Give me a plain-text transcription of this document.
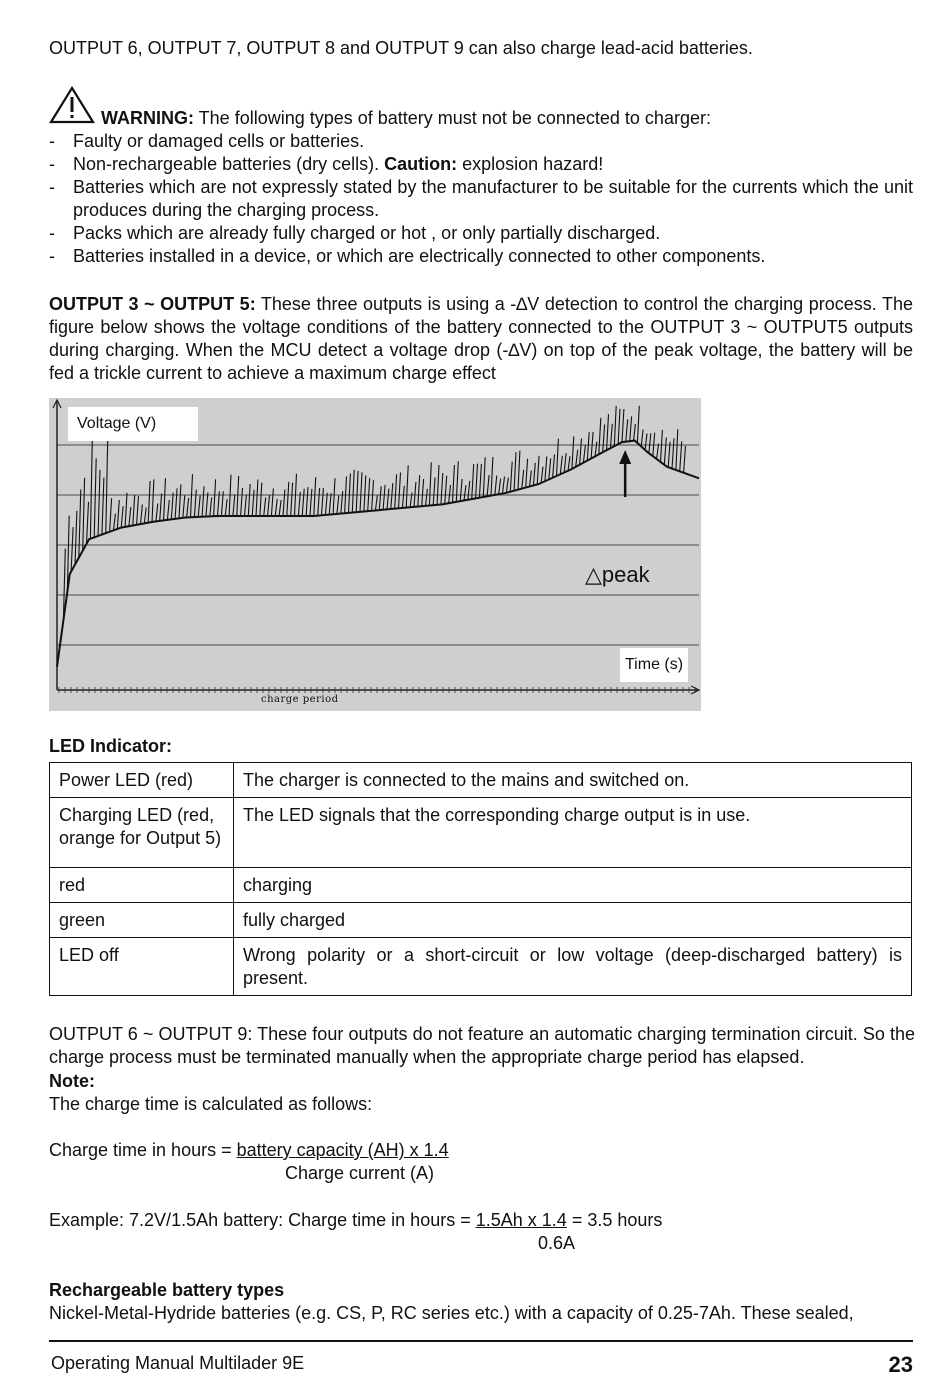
OUTPUT 6, OUTPUT 7, OUTPUT 8 and OUTPUT 9 can also charge lead-acid batteries.

WARNING: The following types of battery must not be connected to charger:

- Faulty or damaged cells or batteries.
- Non-rechargeable batteries (dry cells). Caution: explosion hazard!
- Batteries which are not expressly stated by the manufacturer to be suitable for the currents which the unit produces during the charging process.
- Packs which are already fully charged or hot , or only partially discharged.
- Batteries installed in a device, or which are electrically connected to other components.

OUTPUT 3 ~ OUTPUT 5: These three outputs is using a -∆V detection to control the charging process. The figure below shows the voltage conditions of the battery connected to the OUTPUT 3 ~ OUTPUT5 outputs during charging. When the MCU detect a voltage drop (-∆V) on top of the peak voltage, the battery will be fed a trickle current to achieve a maximum charge effect

Voltage (V)
Time (s)
△peak
charge period

LED Indicator:

Power LED (red)	The charger is connected to the mains and switched on.
Charging LED (red, orange for Output 5)	The LED signals that the corresponding charge output is in use.
red	charging
green	fully charged
LED off	Wrong polarity or a short-circuit or low voltage (deep-discharged battery) is present.

OUTPUT 6 ~ OUTPUT 9: These four outputs do not feature an automatic charging termination circuit. So the charge process must be terminated manually when the appropriate charge period has elapsed.

Note:

The charge time is calculated as follows:

Charge time in hours = battery capacity (AH) x 1.4

Charge current (A)

Example: 7.2V/1.5Ah battery: Charge time in hours = 1.5Ah x 1.4 = 3.5 hours

0.6A

Rechargeable battery types

Nickel-Metal-Hydride batteries (e.g. CS, P, RC series etc.) with a capacity of 0.25-7Ah. These sealed,

Operating Manual Multilader 9E	23
